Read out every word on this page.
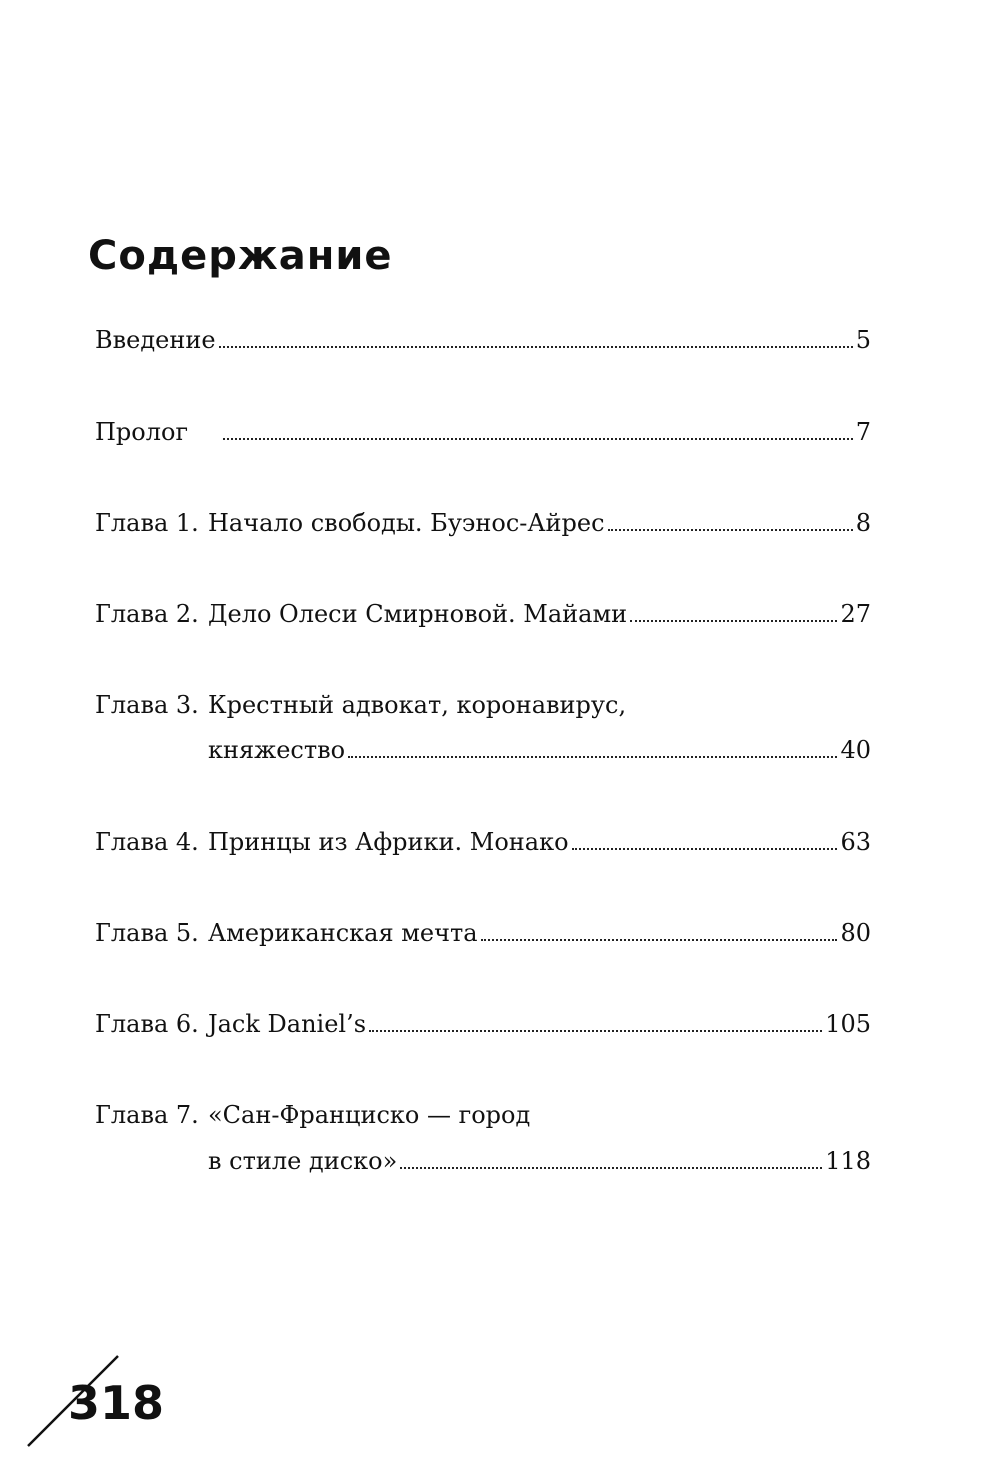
Содержание
Введение	5
Пролог	7
Глава 1. Начало свободы. Буэнос-Айрес	8
Глава 2. Дело Олеси Смирновой. Майами	27
Глава 3. Крестный адвокат, коронавирус,
княжество	40
Глава 4. Принцы из Африки. Монако	63
Глава 5. Американская мечта	80
Глава 6. Jack Daniel’s	105
Глава 7. «Сан-Франциско — город
в стиле диско»	118
318
